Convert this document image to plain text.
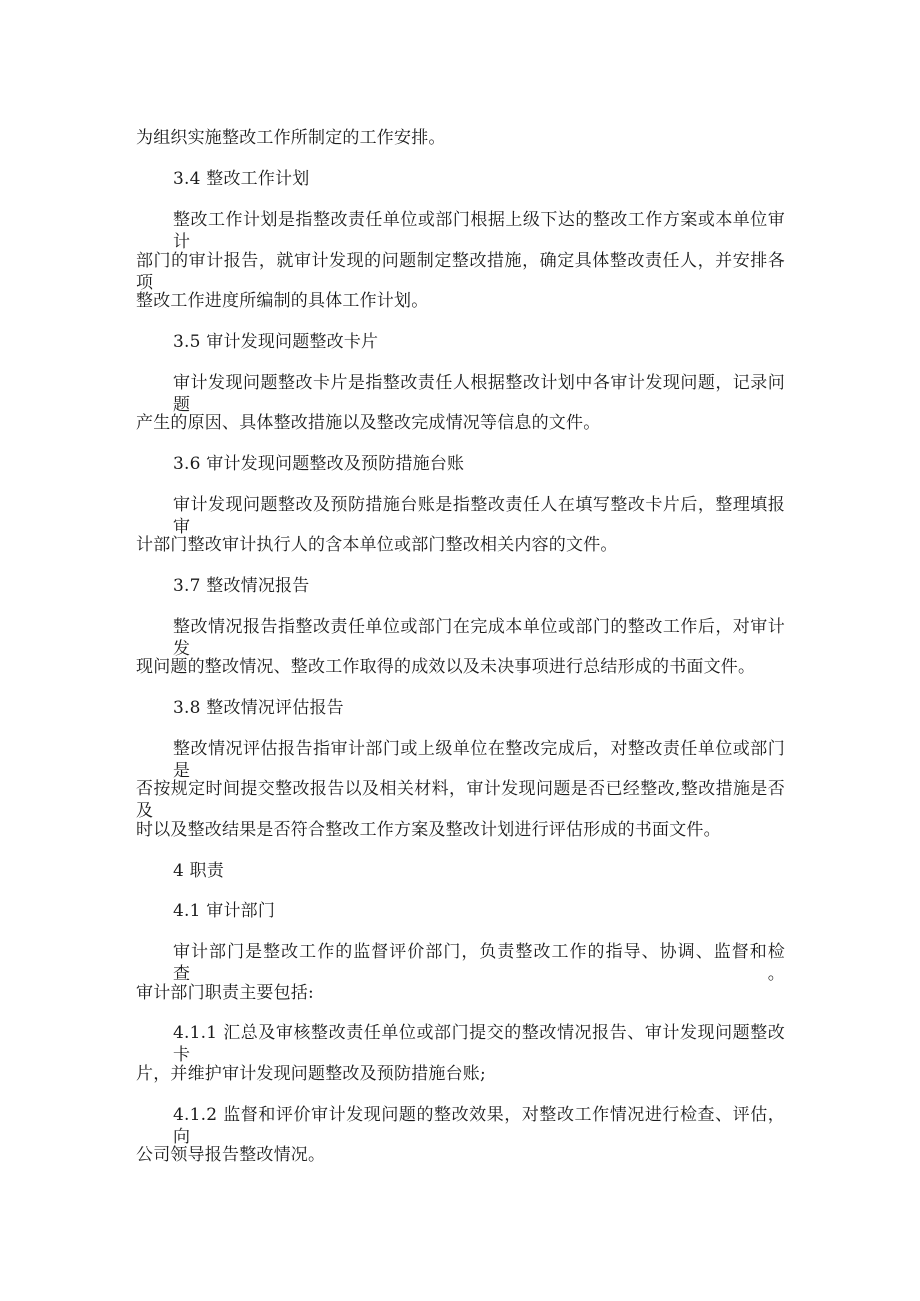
为组织实施整改工作所制定的工作安排。
3.4 整改工作计划
整改工作计划是指整改责任单位或部门根据上级下达的整改工作方案或本单位审计
部门的审计报告，就审计发现的问题制定整改措施，确定具体整改责任人，并安排各项
整改工作进度所编制的具体工作计划。
3.5 审计发现问题整改卡片
审计发现问题整改卡片是指整改责任人根据整改计划中各审计发现问题，记录问题
产生的原因、具体整改措施以及整改完成情况等信息的文件。
3.6 审计发现问题整改及预防措施台账
审计发现问题整改及预防措施台账是指整改责任人在填写整改卡片后，整理填报审
计部门整改审计执行人的含本单位或部门整改相关内容的文件。
3.7 整改情况报告
整改情况报告指整改责任单位或部门在完成本单位或部门的整改工作后，对审计发
现问题的整改情况、整改工作取得的成效以及未决事项进行总结形成的书面文件。
3.8 整改情况评估报告
整改情况评估报告指审计部门或上级单位在整改完成后，对整改责任单位或部门是
否按规定时间提交整改报告以及相关材料，审计发现问题是否已经整改,整改措施是否及
时以及整改结果是否符合整改工作方案及整改计划进行评估形成的书面文件。
4 职责
4.1 审计部门
审计部门是整改工作的监督评价部门，负责整改工作的指导、协调、监督和检查。
审计部门职责主要包括:
4.1.1 汇总及审核整改责任单位或部门提交的整改情况报告、审计发现问题整改卡
片，并维护审计发现问题整改及预防措施台账;
4.1.2 监督和评价审计发现问题的整改效果，对整改工作情况进行检查、评估，向
公司领导报告整改情况。
